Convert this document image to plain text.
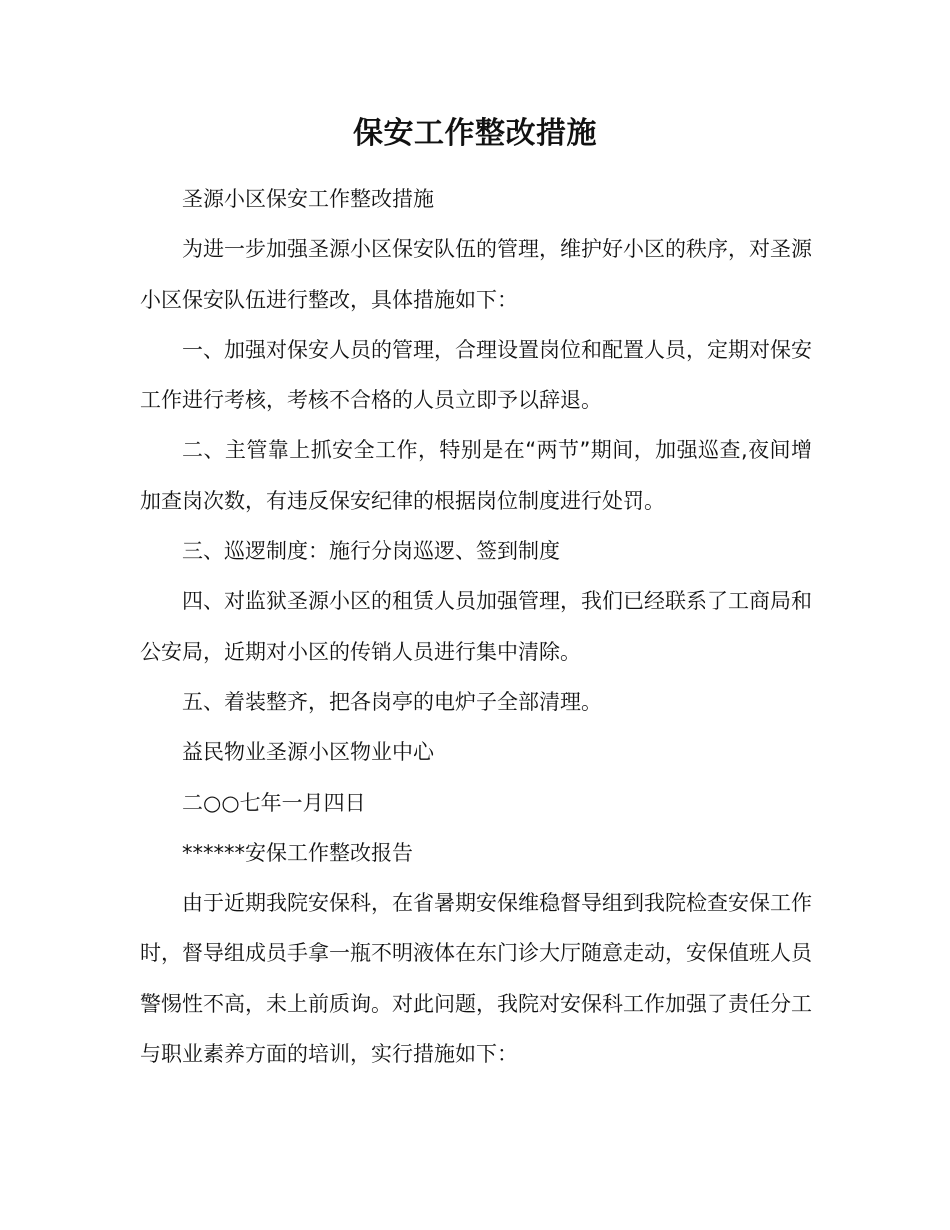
保安工作整改措施

圣源小区保安工作整改措施

为进一步加强圣源小区保安队伍的管理，维护好小区的秩序，对圣源小区保安队伍进行整改，具体措施如下：

一、加强对保安人员的管理，合理设置岗位和配置人员，定期对保安工作进行考核，考核不合格的人员立即予以辞退。

二、主管靠上抓安全工作，特别是在“两节”期间，加强巡查,夜间增加查岗次数，有违反保安纪律的根据岗位制度进行处罚。

三、巡逻制度：施行分岗巡逻、签到制度

四、对监狱圣源小区的租赁人员加强管理，我们已经联系了工商局和公安局，近期对小区的传销人员进行集中清除。

五、着装整齐，把各岗亭的电炉子全部清理。

益民物业圣源小区物业中心

二○○七年一月四日

******安保工作整改报告

由于近期我院安保科，在省暑期安保维稳督导组到我院检查安保工作时，督导组成员手拿一瓶不明液体在东门诊大厅随意走动，安保值班人员警惕性不高，未上前质询。对此问题，我院对安保科工作加强了责任分工与职业素养方面的培训，实行措施如下：
